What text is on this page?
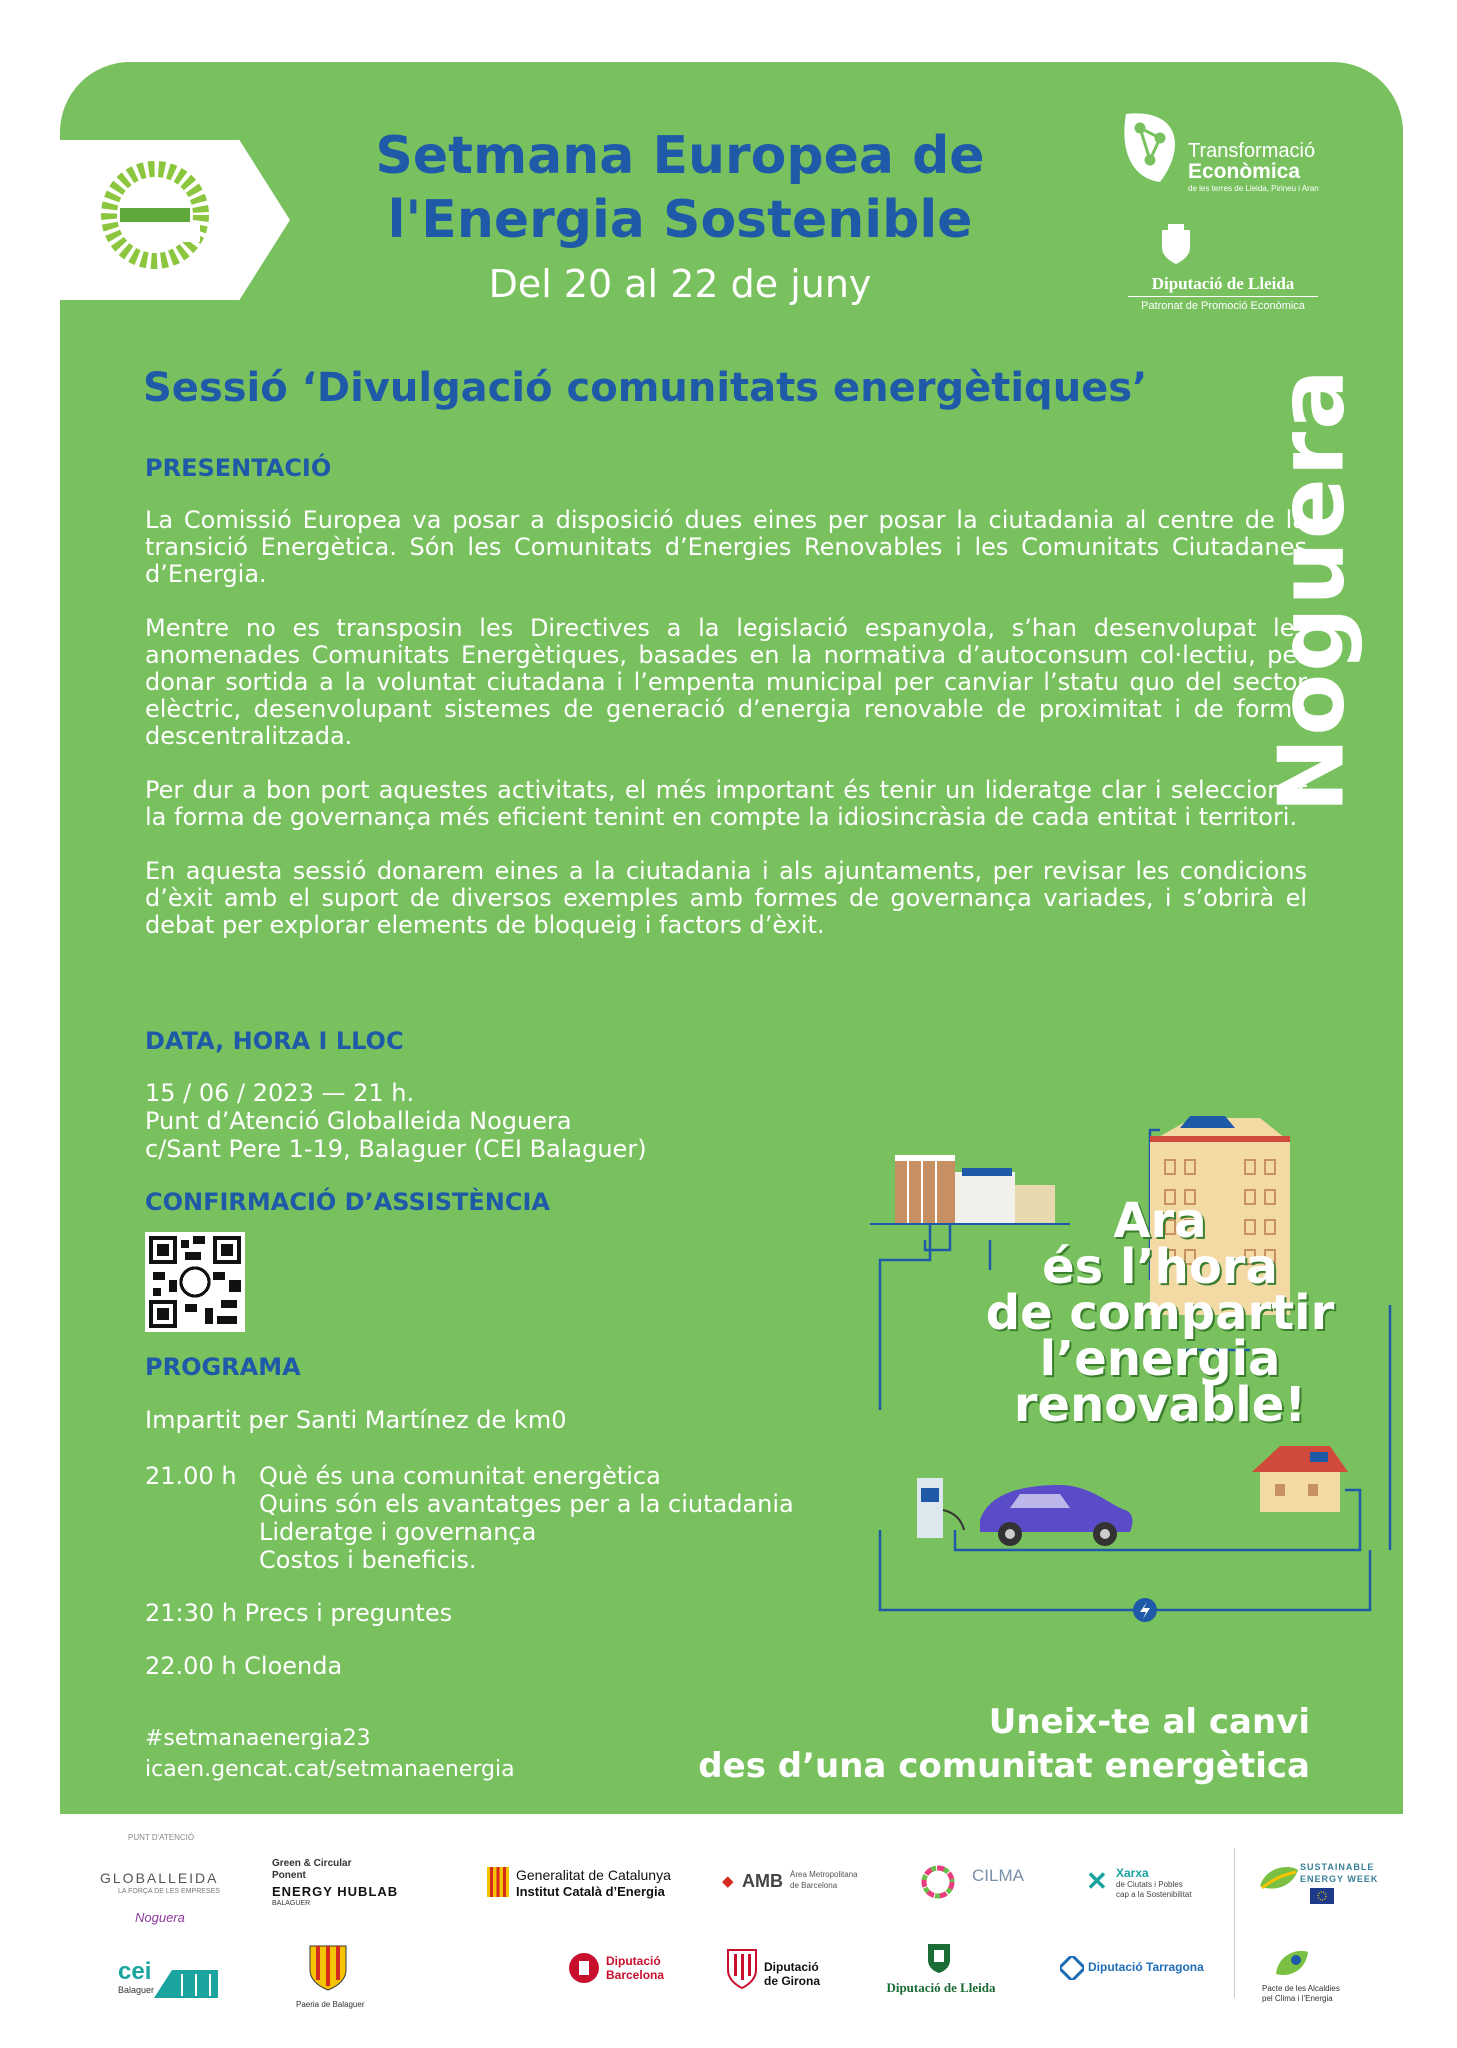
Setmana Europea de
l'Energia Sostenible
Del 20 al 22 de juny
Transformació
Econòmica
de les terres de Lleida, Pirineu i Aran
Diputació de Lleida
Patronat de Promoció Econòmica
Noguera
Sessió ‘Divulgació comunitats energètiques’
PRESENTACIÓ

La Comissió Europea va posar a disposició dues eines per posar la ciutadania al centre de la transició Energètica. Són les Comunitats d’Energies Renovables i les Comunitats Ciutadanes d’Energia.

Mentre no es transposin les Directives a la legislació espanyola, s’han desenvolupat les anomenades Comunitats Energètiques, basades en la normativa d’autoconsum col·lectiu, per donar sortida a la voluntat ciutadana i l’empenta municipal per canviar l’statu quo del sector elèctric, desenvolupant sistemes de generació d’energia renovable de proximitat i de forma descentralitzada.

Per dur a bon port aquestes activitats, el més important és tenir un lideratge clar i seleccionar la forma de governança més eficient tenint en compte la idiosincràsia de cada entitat i territori.

En aquesta sessió donarem eines a la ciutadania i als ajuntaments, per revisar les condicions d’èxit amb el suport de diversos exemples amb formes de governança variades, i s’obrirà el debat per explorar elements de bloqueig i factors d’èxit.

DATA, HORA I LLOC
15 / 06 / 2023 — 21 h.
Punt d’Atenció Globalleida Noguera
c/Sant Pere 1-19, Balaguer (CEI Balaguer)
CONFIRMACIÓ D’ASSISTÈNCIA
PROGRAMA
Impartit per Santi Martínez de km0
21.00 h Què és una comunitat energètica
Quins són els avantatges per a la ciutadania
Lideratge i governança
Costos i beneficis.
21:30 h Precs i preguntes
22.00 h Cloenda
#setmanaenergia23
icaen.gencat.cat/setmanaenergia
Ara
és l’hora
de compartir
l’energia
renovable!
Uneix-te al canvi
des d’una comunitat energètica
PUNT D'ATENCIÓ
GLOBALLEIDA
LA FORÇA DE LES EMPRESES
Noguera
Green & Circular
Ponent
ENERGY HUBLAB
BALAGUER
Generalitat de Catalunya
Institut Català d’Energia
◆ AMB Àrea Metropolitana
de Barcelona
CILMA ✕ Xarxa
de Ciutats i Pobles
cap a la Sostenibilitat
SUSTAINABLE
ENERGY WEEK
cei
Balaguer
Paeria de Balaguer
Diputació
Barcelona
Diputació
de Girona	Diputació de Lleida
Diputació Tarragona
Pacte de les Alcaldies
pel Clima i l’Energia
